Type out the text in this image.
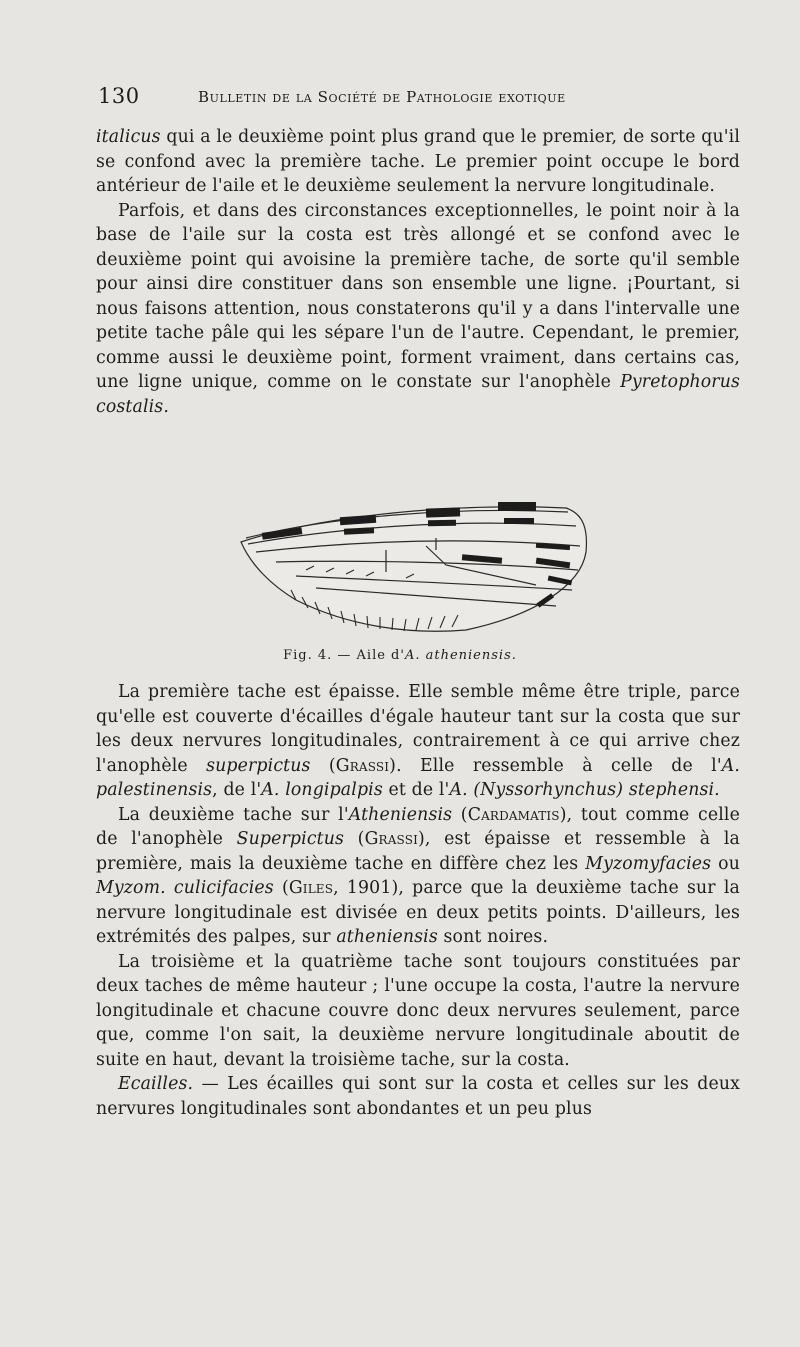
130	Bulletin de la Société de Pathologie exotique

italicus qui a le deuxième point plus grand que le premier, de sorte qu'il se confond avec la première tache. Le premier point occupe le bord antérieur de l'aile et le deuxième seulement la nervure longitudinale.

Parfois, et dans des circonstances exceptionnelles, le point noir à la base de l'aile sur la costa est très allongé et se confond avec le deuxième point qui avoisine la première tache, de sorte qu'il semble pour ainsi dire constituer dans son ensemble une ligne. ¡Pourtant, si nous faisons attention, nous constaterons qu'il y a dans l'intervalle une petite tache pâle qui les sépare l'un de l'autre. Cependant, le premier, comme aussi le deuxième point, forment vraiment, dans certains cas, une ligne unique, comme on le constate sur l'anophèle Pyretophorus costalis.

Fig. 4. — Aile d'A. atheniensis.

La première tache est épaisse. Elle semble même être triple, parce qu'elle est couverte d'écailles d'égale hauteur tant sur la costa que sur les deux nervures longitudinales, contrairement à ce qui arrive chez l'anophèle superpictus (Grassi). Elle ressemble à celle de l'A. palestinensis, de l'A. longipalpis et de l'A. (Nyssorhynchus) stephensi.

La deuxième tache sur l'Atheniensis (Cardamatis), tout comme celle de l'anophèle Superpictus (Grassi), est épaisse et ressemble à la première, mais la deuxième tache en diffère chez les Myzomyfacies ou Myzom. culicifacies (Giles, 1901), parce que la deuxième tache sur la nervure longitudinale est divisée en deux petits points. D'ailleurs, les extrémités des palpes, sur atheniensis sont noires.

La troisième et la quatrième tache sont toujours constituées par deux taches de même hauteur ; l'une occupe la costa, l'autre la nervure longitudinale et chacune couvre donc deux nervures seulement, parce que, comme l'on sait, la deuxième nervure longitudinale aboutit de suite en haut, devant la troisième tache, sur la costa.

Ecailles. — Les écailles qui sont sur la costa et celles sur les deux nervures longitudinales sont abondantes et un peu plus
